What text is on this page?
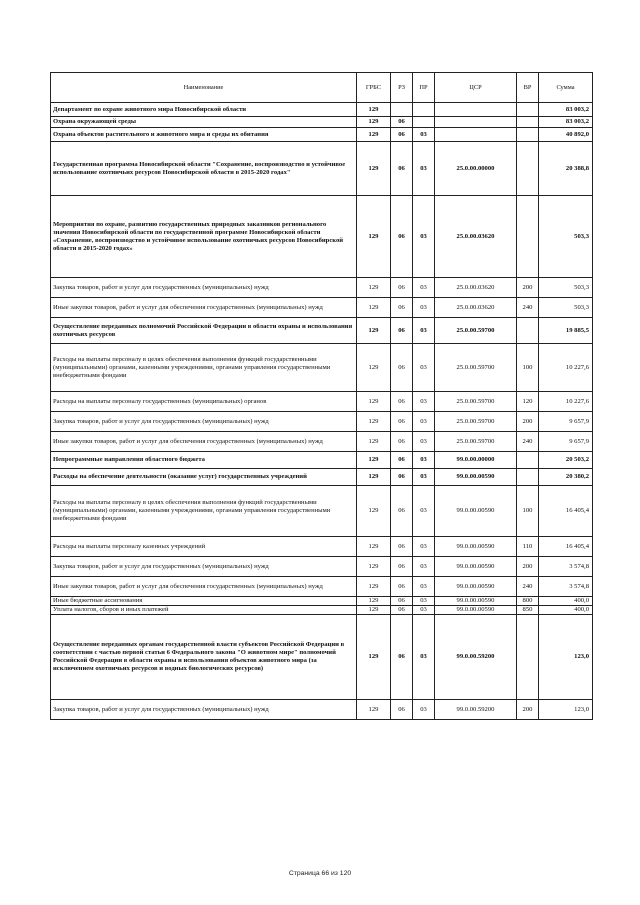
Наименование	ГРБС	РЗ	ПР	ЦСР	ВР	Сумма
Департамент по охране животного мира Новосибирской области	129					83 003,2
Охрана окружающей среды	129	06				83 003,2
Охрана объектов растительного и животного мира и среды их обитания	129	06	03			40 892,0
Государственная программа Новосибирской области "Сохранение, воспроизводство и устойчивое использование охотничьих ресурсов Новосибирской области в 2015-2020 годах"	129	06	03	25.0.00.00000		20 388,8
Мероприятия по охране, развитию государственных природных заказников регионального значения Новосибирской области по государственной программе Новосибирской области «Сохранение, воспроизводство и устойчивое использование охотничьих ресурсов Новосибирской области в 2015-2020 годах»	129	06	03	25.0.00.03620		503,3
Закупка товаров, работ и услуг для государственных (муниципальных) нужд	129	06	03	25.0.00.03620	200	503,3
Иные закупки товаров, работ и услуг для обеспечения государственных (муниципальных) нужд	129	06	03	25.0.00.03620	240	503,3
Осуществление переданных полномочий Российской Федерации в области охраны и использования охотничьих ресурсов	129	06	03	25.0.00.59700		19 885,5
Расходы на выплаты персоналу в целях обеспечения выполнения функций государственными (муниципальными) органами, казенными учреждениями, органами управления государственными внебюджетными фондами	129	06	03	25.0.00.59700	100	10 227,6
Расходы на выплаты персоналу государственных (муниципальных) органов	129	06	03	25.0.00.59700	120	10 227,6
Закупка товаров, работ и услуг для государственных (муниципальных) нужд	129	06	03	25.0.00.59700	200	9 657,9
Иные закупки товаров, работ и услуг для обеспечения государственных (муниципальных) нужд	129	06	03	25.0.00.59700	240	9 657,9
Непрограммные направления областного бюджета	129	06	03	99.0.00.00000		20 503,2
Расходы на обеспечение деятельности (оказание услуг) государственных учреждений	129	06	03	99.0.00.00590		20 380,2
Расходы на выплаты персоналу в целях обеспечения выполнения функций государственными (муниципальными) органами, казенными учреждениями, органами управления государственными внебюджетными фондами	129	06	03	99.0.00.00590	100	16 405,4
Расходы на выплаты персоналу казенных учреждений	129	06	03	99.0.00.00590	110	16 405,4
Закупка товаров, работ и услуг для государственных (муниципальных) нужд	129	06	03	99.0.00.00590	200	3 574,8
Иные закупки товаров, работ и услуг для обеспечения государственных (муниципальных) нужд	129	06	03	99.0.00.00590	240	3 574,8
Иные бюджетные ассигнования	129	06	03	99.0.00.00590	800	400,0
Уплата налогов, сборов и иных платежей	129	06	03	99.0.00.00590	850	400,0
Осуществление переданных органам государственной власти субъектов Российской Федерации в соответствии с частью первой статьи 6 Федерального закона "О животном мире" полномочий Российской Федерации в области охраны и использования объектов животного мира (за исключением охотничьих ресурсов и водных биологических ресурсов)	129	06	03	99.0.00.59200		123,0
Закупка товаров, работ и услуг для государственных (муниципальных) нужд	129	06	03	99.0.00.59200	200	123,0
Страница 66 из 120
